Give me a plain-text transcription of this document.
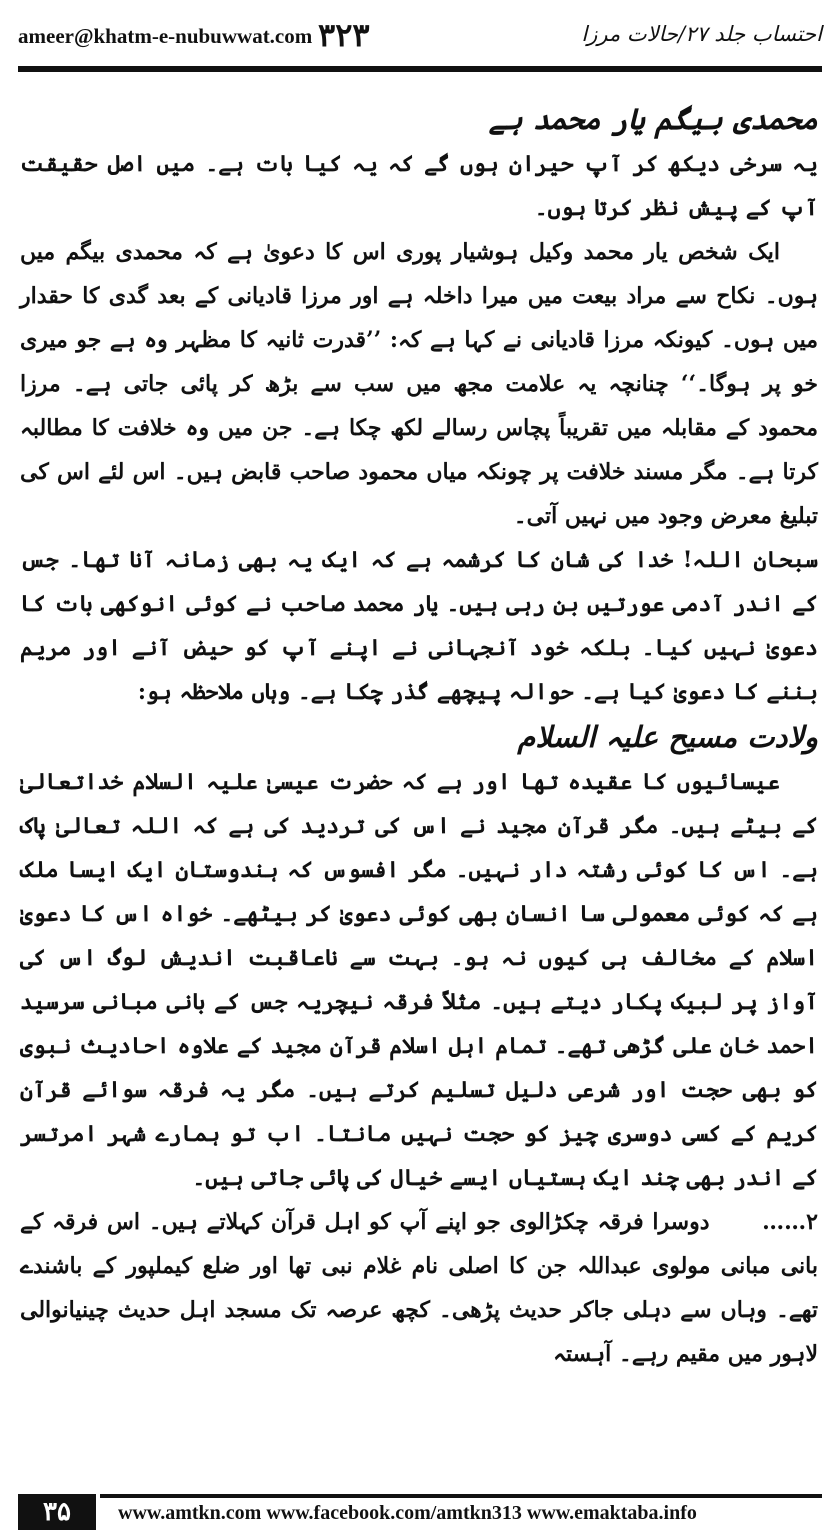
ameer@khatm-e-nubuwwat.com ۳۲۳	احتساب جلد ۲۷/حالات مرزا
محمدی بیگم یار محمد ہے

یہ سرخی دیکھ کر آپ حیران ہوں گے کہ یہ کیا بات ہے۔ میں اصل حقیقت آپ کے پیش نظر کرتا ہوں۔

ایک شخص یار محمد وکیل ہوشیار پوری اس کا دعویٰ ہے کہ محمدی بیگم میں ہوں۔ نکاح سے مراد بیعت میں میرا داخلہ ہے اور مرزا قادیانی کے بعد گدی کا حقدار میں ہوں۔ کیونکہ مرزا قادیانی نے کہا ہے کہ: ’’قدرت ثانیہ کا مظہر وہ ہے جو میری خو پر ہوگا۔‘‘ چنانچہ یہ علامت مجھ میں سب سے بڑھ کر پائی جاتی ہے۔ مرزا محمود کے مقابلہ میں تقریباً پچاس رسالے لکھ چکا ہے۔ جن میں وہ خلافت کا مطالبہ کرتا ہے۔ مگر مسند خلافت پر چونکہ میاں محمود صاحب قابض ہیں۔ اس لئے اس کی تبلیغ معرض وجود میں نہیں آتی۔

سبحان اللہ! خدا کی شان کا کرشمہ ہے کہ ایک یہ بھی زمانہ آنا تھا۔ جس کے اندر آدمی عورتیں بن رہی ہیں۔ یار محمد صاحب نے کوئی انوکھی بات کا دعویٰ نہیں کیا۔ بلکہ خود آنجہانی نے اپنے آپ کو حیض آنے اور مریم بننے کا دعویٰ کیا ہے۔ حوالہ پیچھے گذر چکا ہے۔ وہاں ملاحظہ ہو:

ولادت مسیح علیہ السلام

عیسائیوں کا عقیدہ تھا اور ہے کہ حضرت عیسیٰ علیہ السلام خداتعالیٰ کے بیٹے ہیں۔ مگر قرآن مجید نے اس کی تردید کی ہے کہ اللہ تعالیٰ پاک ہے۔ اس کا کوئی رشتہ دار نہیں۔ مگر افسوس کہ ہندوستان ایک ایسا ملک ہے کہ کوئی معمولی سا انسان بھی کوئی دعویٰ کر بیٹھے۔ خواہ اس کا دعویٰ اسلام کے مخالف ہی کیوں نہ ہو۔ بہت سے ناعاقبت اندیش لوگ اس کی آواز پر لبیک پکار دیتے ہیں۔ مثلاً فرقہ نیچریہ جس کے بانی مبانی سرسید احمد خان علی گڑھی تھے۔ تمام اہل اسلام قرآن مجید کے علاوہ احادیث نبوی کو بھی حجت اور شرعی دلیل تسلیم کرتے ہیں۔ مگر یہ فرقہ سوائے قرآن کریم کے کسی دوسری چیز کو حجت نہیں مانتا۔ اب تو ہمارے شہر امرتسر کے اندر بھی چند ایک ہستیاں ایسے خیال کی پائی جاتی ہیں۔

۲……      دوسرا فرقہ چکڑالوی جو اپنے آپ کو اہل قرآن کہلاتے ہیں۔ اس فرقہ کے بانی مبانی مولوی عبداللہ جن کا اصلی نام غلام نبی تھا اور ضلع کیملپور کے باشندے تھے۔ وہاں سے دہلی جاکر حدیث پڑھی۔ کچھ عرصہ تک مسجد اہل حدیث چینیانوالی لاہور میں مقیم رہے۔ آہستہ

۳۵	www.amtkn.com www.facebook.com/amtkn313 www.emaktaba.info
